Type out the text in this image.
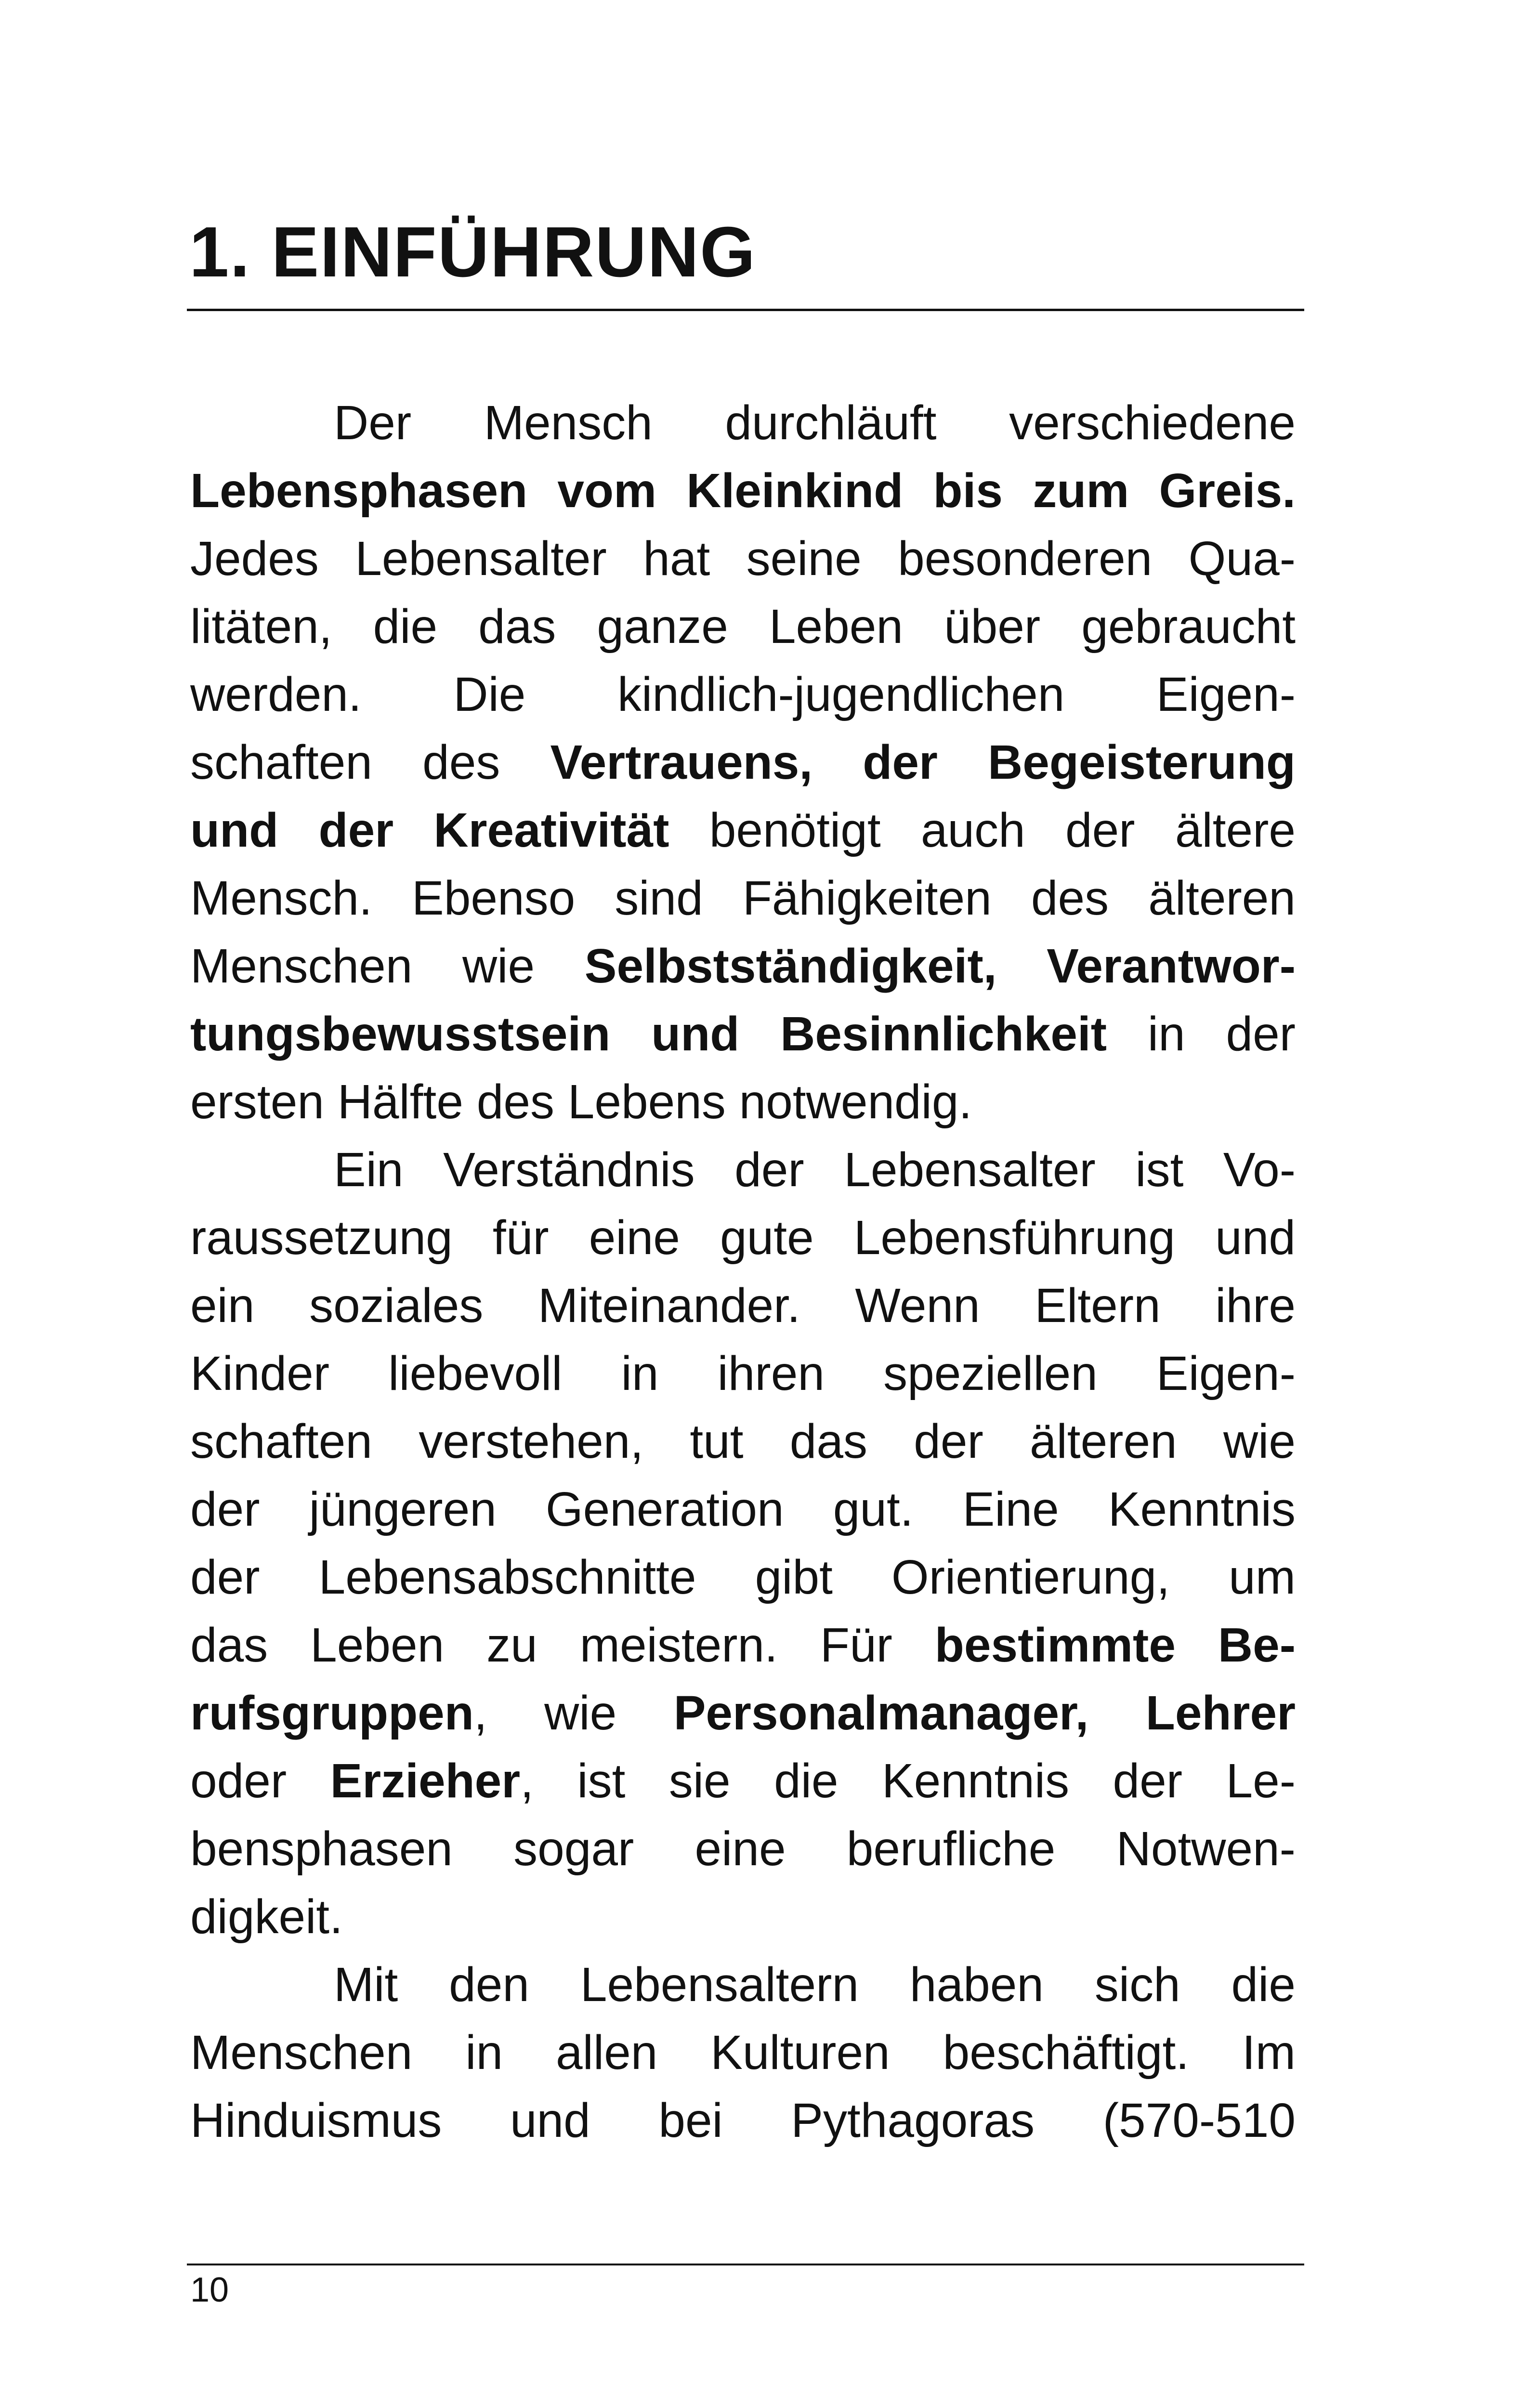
1. EINFÜHRUNG
Der Mensch durchläuft verschiedene
Lebensphasen vom Kleinkind bis zum Greis.
Jedes Lebensalter hat seine besonderen Qua-
litäten, die das ganze Leben über gebraucht
werden. Die kindlich-jugendlichen Eigen-
schaften des Vertrauens, der Begeisterung
und der Kreativität benötigt auch der ältere
Mensch. Ebenso sind Fähigkeiten des älteren
Menschen wie Selbstständigkeit, Verantwor-
tungsbewusstsein und Besinnlichkeit in der
ersten Hälfte des Lebens notwendig.
Ein Verständnis der Lebensalter ist Vo-
raussetzung für eine gute Lebensführung und
ein soziales Miteinander. Wenn Eltern ihre
Kinder liebevoll in ihren speziellen Eigen-
schaften verstehen, tut das der älteren wie
der jüngeren Generation gut. Eine Kenntnis
der Lebensabschnitte gibt Orientierung, um
das Leben zu meistern. Für bestimmte Be-
rufsgruppen, wie Personalmanager, Lehrer
oder Erzieher, ist sie die Kenntnis der Le-
bensphasen sogar eine berufliche Notwen-
digkeit.
Mit den Lebensaltern haben sich die
Menschen in allen Kulturen beschäftigt. Im
Hinduismus und bei Pythagoras (570-510
10
